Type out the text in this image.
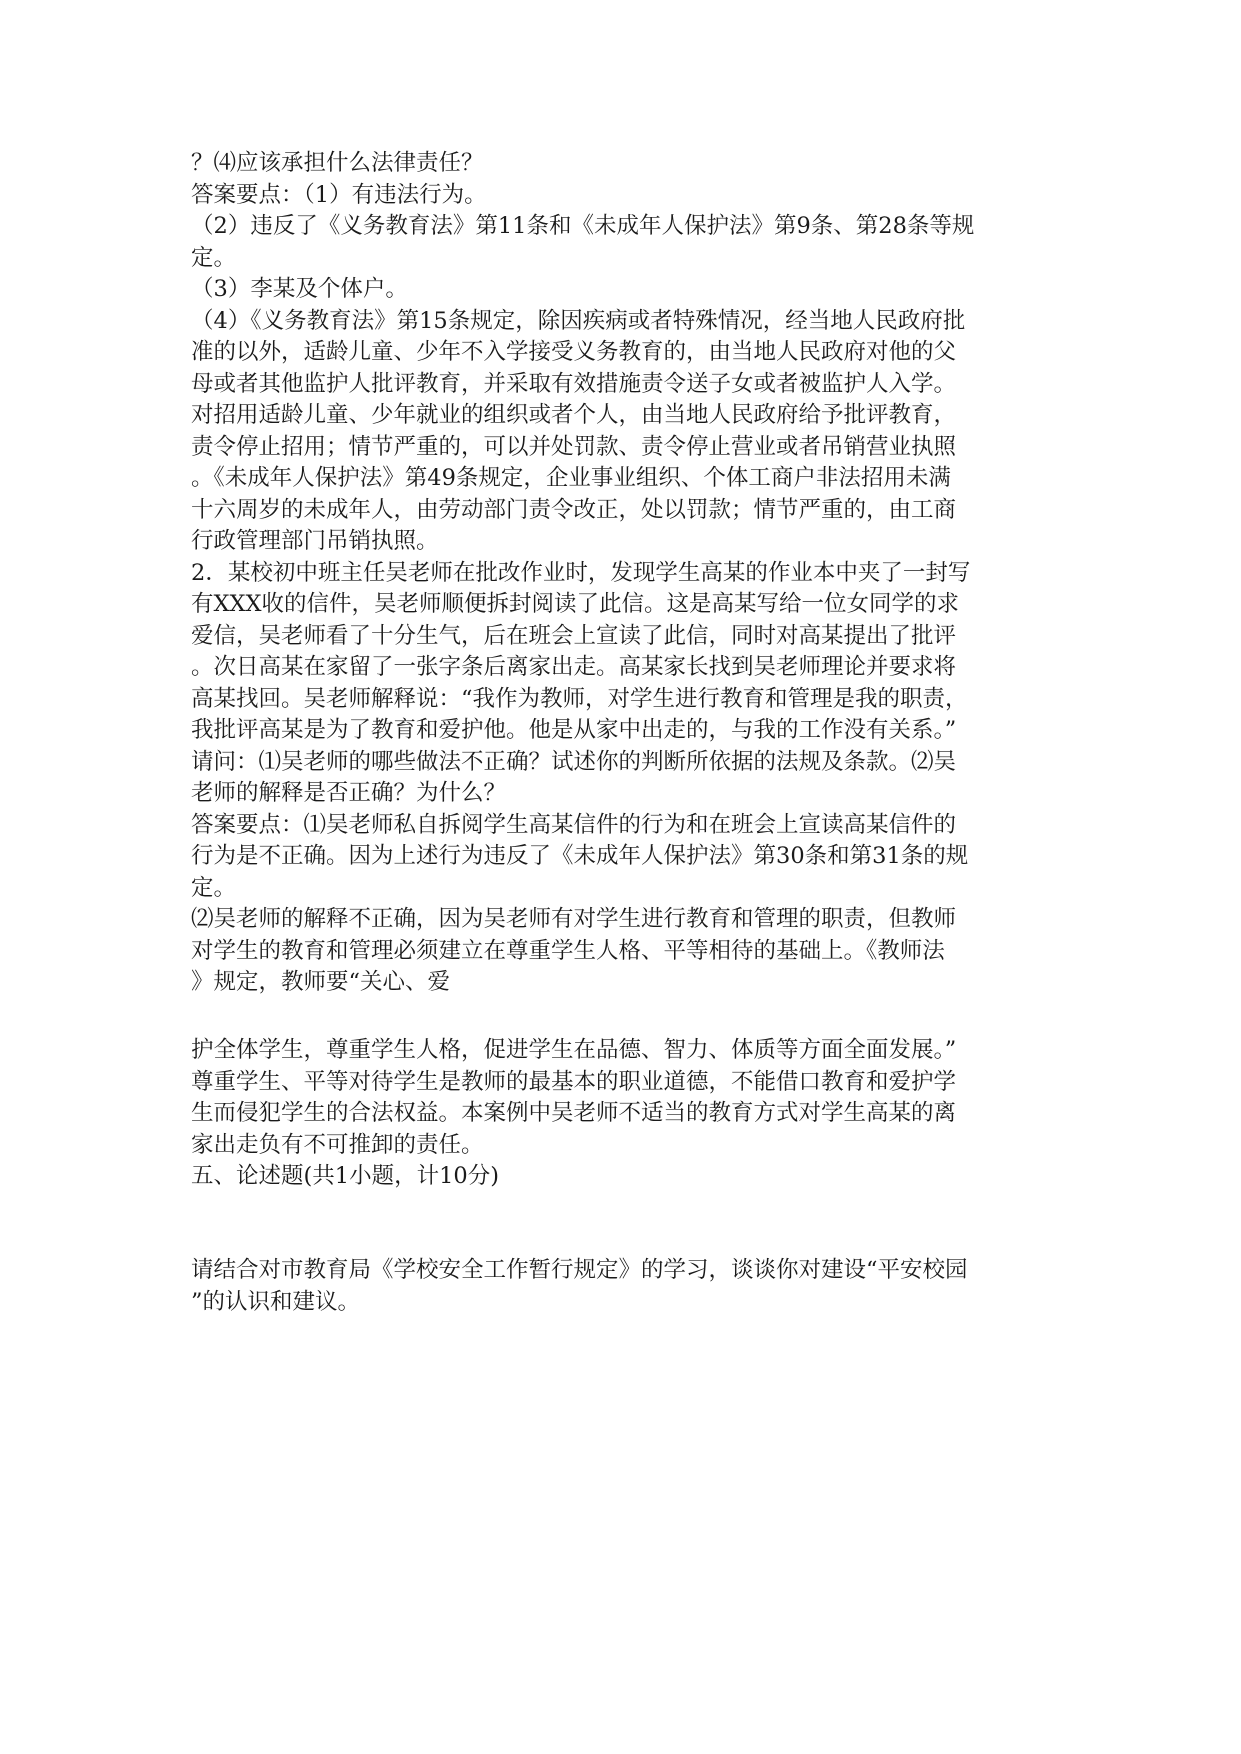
？⑷应该承担什么法律责任？
答案要点：（1）有违法行为。
（2）违反了《义务教育法》第11条和《未成年人保护法》第9条、第28条等规
定。
（3）李某及个体户。
（4）《义务教育法》第15条规定，除因疾病或者特殊情况，经当地人民政府批
准的以外，适龄儿童、少年不入学接受义务教育的，由当地人民政府对他的父
母或者其他监护人批评教育，并采取有效措施责令送子女或者被监护人入学。
对招用适龄儿童、少年就业的组织或者个人，由当地人民政府给予批评教育，
责令停止招用；情节严重的，可以并处罚款、责令停止营业或者吊销营业执照
。《未成年人保护法》第49条规定，企业事业组织、个体工商户非法招用未满
十六周岁的未成年人，由劳动部门责令改正，处以罚款；情节严重的，由工商
行政管理部门吊销执照。
2．某校初中班主任吴老师在批改作业时，发现学生高某的作业本中夹了一封写
有XXX收的信件，吴老师顺便拆封阅读了此信。这是高某写给一位女同学的求
爱信，吴老师看了十分生气，后在班会上宣读了此信，同时对高某提出了批评
。次日高某在家留了一张字条后离家出走。高某家长找到吴老师理论并要求将
高某找回。吴老师解释说：“我作为教师，对学生进行教育和管理是我的职责，
我批评高某是为了教育和爱护他。他是从家中出走的，与我的工作没有关系。”
请问：⑴吴老师的哪些做法不正确？试述你的判断所依据的法规及条款。⑵吴
老师的解释是否正确？为什么？
答案要点：⑴吴老师私自拆阅学生高某信件的行为和在班会上宣读高某信件的
行为是不正确。因为上述行为违反了《未成年人保护法》第30条和第31条的规
定。
⑵吴老师的解释不正确，因为吴老师有对学生进行教育和管理的职责，但教师
对学生的教育和管理必须建立在尊重学生人格、平等相待的基础上。《教师法
》规定，教师要“关心、爱
护全体学生，尊重学生人格，促进学生在品德、智力、体质等方面全面发展。”
尊重学生、平等对待学生是教师的最基本的职业道德，不能借口教育和爱护学
生而侵犯学生的合法权益。本案例中吴老师不适当的教育方式对学生高某的离
家出走负有不可推卸的责任。
五、论述题(共1小题，计10分)
请结合对市教育局《学校安全工作暂行规定》的学习，谈谈你对建设“平安校园
”的认识和建议。
